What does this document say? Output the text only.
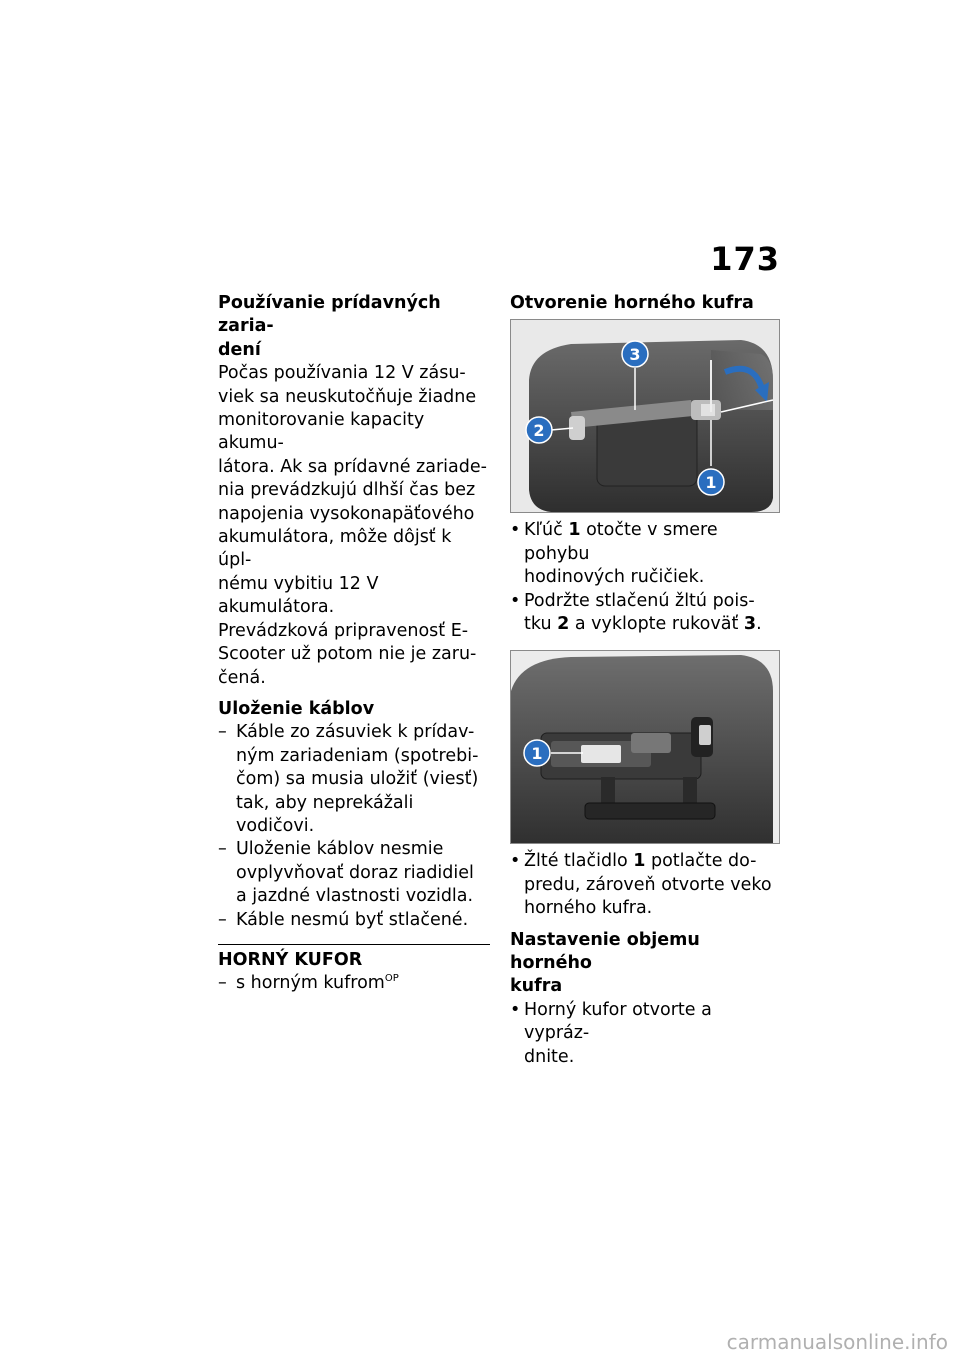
173
Používanie prídavných zaria-
dení

Počas používania 12 V zásu-
viek sa neuskutočňuje žiadne
monitorovanie kapacity akumu-
látora. Ak sa prídavné zariade-
nia prevádzkujú dlhší čas bez
napojenia vysokonapäťového
akumulátora, môže dôjsť k úpl-
nému vybitiu 12 V akumulátora.
Prevádzková pripravenosť E-
Scooter už potom nie je zaru-
čená.

Uloženie káblov
– Káble zo zásuviek k prídav-
ným zariadeniam (spotrebi-
čom) sa musia uložiť (viesť)
tak, aby neprekážali vodičovi.
– Uloženie káblov nesmie
ovplyvňovať doraz riadidiel
a jazdné vlastnosti vozidla.
– Káble nesmú byť stlačené.
HORNÝ KUFOR
– s horným kufrom$^{OP}$
Otvorenie horného kufra
3
2
1
• Kľúč 1 otočte v smere pohybu
hodinových ručičiek.
• Podržte stlačenú žltú pois-
tku 2 a vyklopte rukoväť 3.
1
• Žlté tlačidlo 1 potlačte do-
predu, zároveň otvorte veko
horného kufra.
Nastavenie objemu horného
kufra
• Horný kufor otvorte a vypráz-
dnite.
carmanualsonline.info
